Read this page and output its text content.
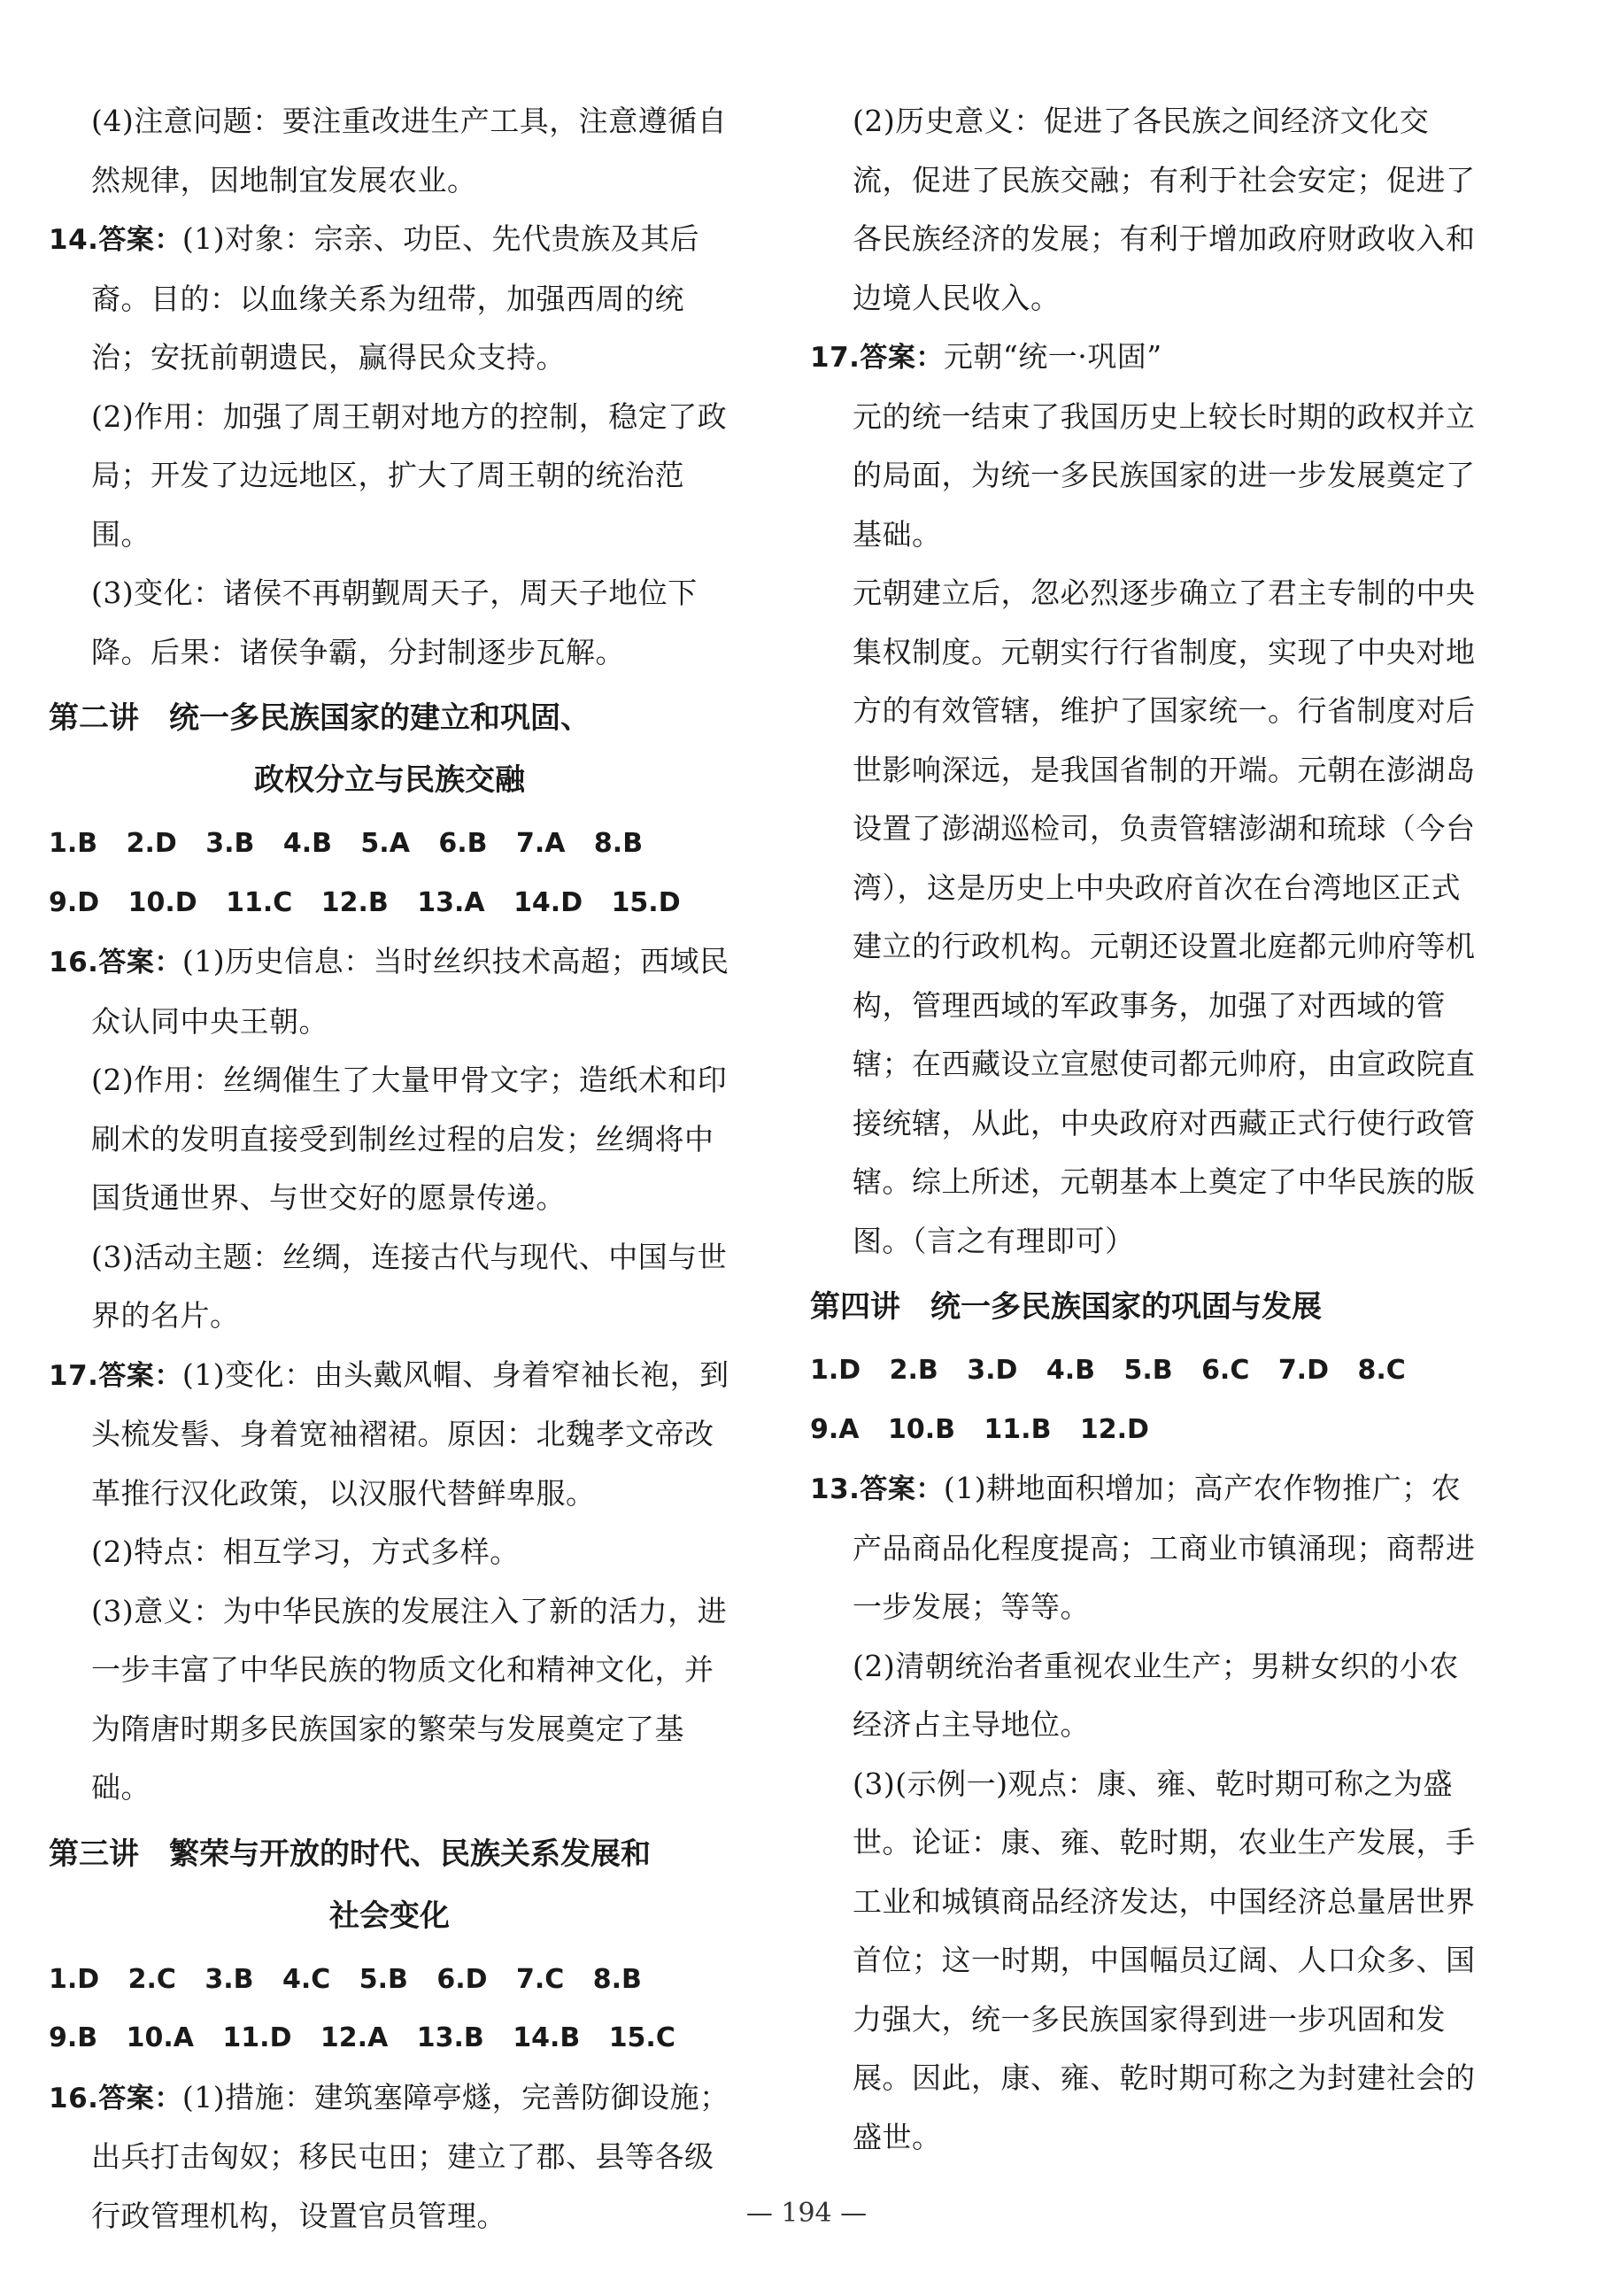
(4)注意问题：要注重改进生产工具，注意遵循自然规律，因地制宜发展农业。

14.答案：(1)对象：宗亲、功臣、先代贵族及其后裔。目的：以血缘关系为纽带，加强西周的统治；安抚前朝遗民，赢得民众支持。

(2)作用：加强了周王朝对地方的控制，稳定了政局；开发了边远地区，扩大了周王朝的统治范围。

(3)变化：诸侯不再朝觐周天子，周天子地位下降。后果：诸侯争霸，分封制逐步瓦解。

第二讲　统一多民族国家的建立和巩固、
政权分立与民族交融
1.B 2.D 3.B 4.B 5.A 6.B 7.A 8.B
9.D 10.D 11.C 12.B 13.A 14.D 15.D

16.答案：(1)历史信息：当时丝织技术高超；西域民众认同中央王朝。

(2)作用：丝绸催生了大量甲骨文字；造纸术和印刷术的发明直接受到制丝过程的启发；丝绸将中国货通世界、与世交好的愿景传递。

(3)活动主题：丝绸，连接古代与现代、中国与世界的名片。

17.答案：(1)变化：由头戴风帽、身着窄袖长袍，到头梳发髻、身着宽袖褶裙。原因：北魏孝文帝改革推行汉化政策，以汉服代替鲜卑服。

(2)特点：相互学习，方式多样。

(3)意义：为中华民族的发展注入了新的活力，进一步丰富了中华民族的物质文化和精神文化，并为隋唐时期多民族国家的繁荣与发展奠定了基础。

第三讲　繁荣与开放的时代、民族关系发展和
社会变化
1.D 2.C 3.B 4.C 5.B 6.D 7.C 8.B
9.B 10.A 11.D 12.A 13.B 14.B 15.C

16.答案：(1)措施：建筑塞障亭燧，完善防御设施；出兵打击匈奴；移民屯田；建立了郡、县等各级行政管理机构，设置官员管理。

(2)历史意义：促进了各民族之间经济文化交流，促进了民族交融；有利于社会安定；促进了各民族经济的发展；有利于增加政府财政收入和边境人民收入。

17.答案：元朝“统一·巩固”

元的统一结束了我国历史上较长时期的政权并立的局面，为统一多民族国家的进一步发展奠定了基础。

元朝建立后，忽必烈逐步确立了君主专制的中央集权制度。元朝实行行省制度，实现了中央对地方的有效管辖，维护了国家统一。行省制度对后世影响深远，是我国省制的开端。元朝在澎湖岛设置了澎湖巡检司，负责管辖澎湖和琉球（今台湾），这是历史上中央政府首次在台湾地区正式建立的行政机构。元朝还设置北庭都元帅府等机构，管理西域的军政事务，加强了对西域的管辖；在西藏设立宣慰使司都元帅府，由宣政院直接统辖，从此，中央政府对西藏正式行使行政管辖。综上所述，元朝基本上奠定了中华民族的版图。（言之有理即可）

第四讲　统一多民族国家的巩固与发展
1.D 2.B 3.D 4.B 5.B 6.C 7.D 8.C
9.A 10.B 11.B 12.D

13.答案：(1)耕地面积增加；高产农作物推广；农产品商品化程度提高；工商业市镇涌现；商帮进一步发展；等等。

(2)清朝统治者重视农业生产；男耕女织的小农经济占主导地位。

(3)(示例一)观点：康、雍、乾时期可称之为盛世。论证：康、雍、乾时期，农业生产发展，手工业和城镇商品经济发达，中国经济总量居世界首位；这一时期，中国幅员辽阔、人口众多、国力强大，统一多民族国家得到进一步巩固和发展。因此，康、雍、乾时期可称之为封建社会的盛世。

— 194 —
